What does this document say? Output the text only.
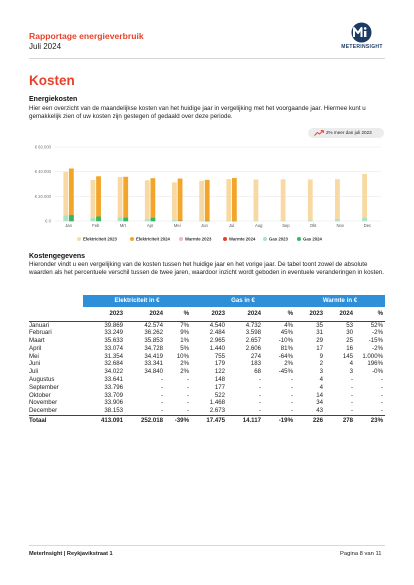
Rapportage energieverbruik
Juli 2024	METERINSIGHT
Kosten
Energiekosten
Hier een overzicht van de maandelijkse kosten van het huidige jaar in vergelijking met het voorgaande jaar. Hiermee kunt u gemakkelijk zien of uw kosten zijn gestegen of gedaald over deze periode.
2% meer dan juli 2023
€ 0
€ 20.000
€ 40.000
€ 60.000
Jan	Feb	Mrt	Apr	Mei	Jun	Jul	Aug	Sep	Okt	Nov	Dec
Elektriciteit 2023	Elektriciteit 2024	Warmte 2023	Warmte 2024	Gas 2023	Gas 2024
Kostengegevens
Hieronder vindt u een vergelijking van de kosten tussen het huidige jaar en het vorige jaar. De tabel toont zowel de absolute waarden als het percentuele verschil tussen de twee jaren, waardoor inzicht wordt geboden in eventuele veranderingen in kosten.
	Elektriciteit in €			Gas in €			Warmte in €		
	2023	2024	%	2023	2024	%	2023	2024	%
Januari	39.869	42.574	7%	4.540	4.732	4%	35	53	52%
Februari	33.249	36.262	9%	2.484	3.598	45%	31	30	-2%
Maart	35.633	35.853	1%	2.965	2.657	-10%	29	25	-15%
April	33.074	34.728	5%	1.440	2.606	81%	17	16	-2%
Mei	31.354	34.419	10%	755	274	-64%	9	145	1.000%
Juni	32.684	33.341	2%	179	183	2%	2	4	196%
Juli	34.022	34.840	2%	122	68	-45%	3	3	-0%
Augustus	33.641	-	-	148	-	-	4	-	-
September	33.796	-	-	177	-	-	4	-	-
Oktober	33.709	-	-	522	-	-	14	-	-
November	33.906	-	-	1.468	-	-	34	-	-
December	38.153	-	-	2.673	-	-	43	-	-
Totaal	413.091	252.018	-39%	17.475	14.117	-19%	226	278	23%
MeterInsight | Reykjavikstraat 1	Pagina 8 van 11
